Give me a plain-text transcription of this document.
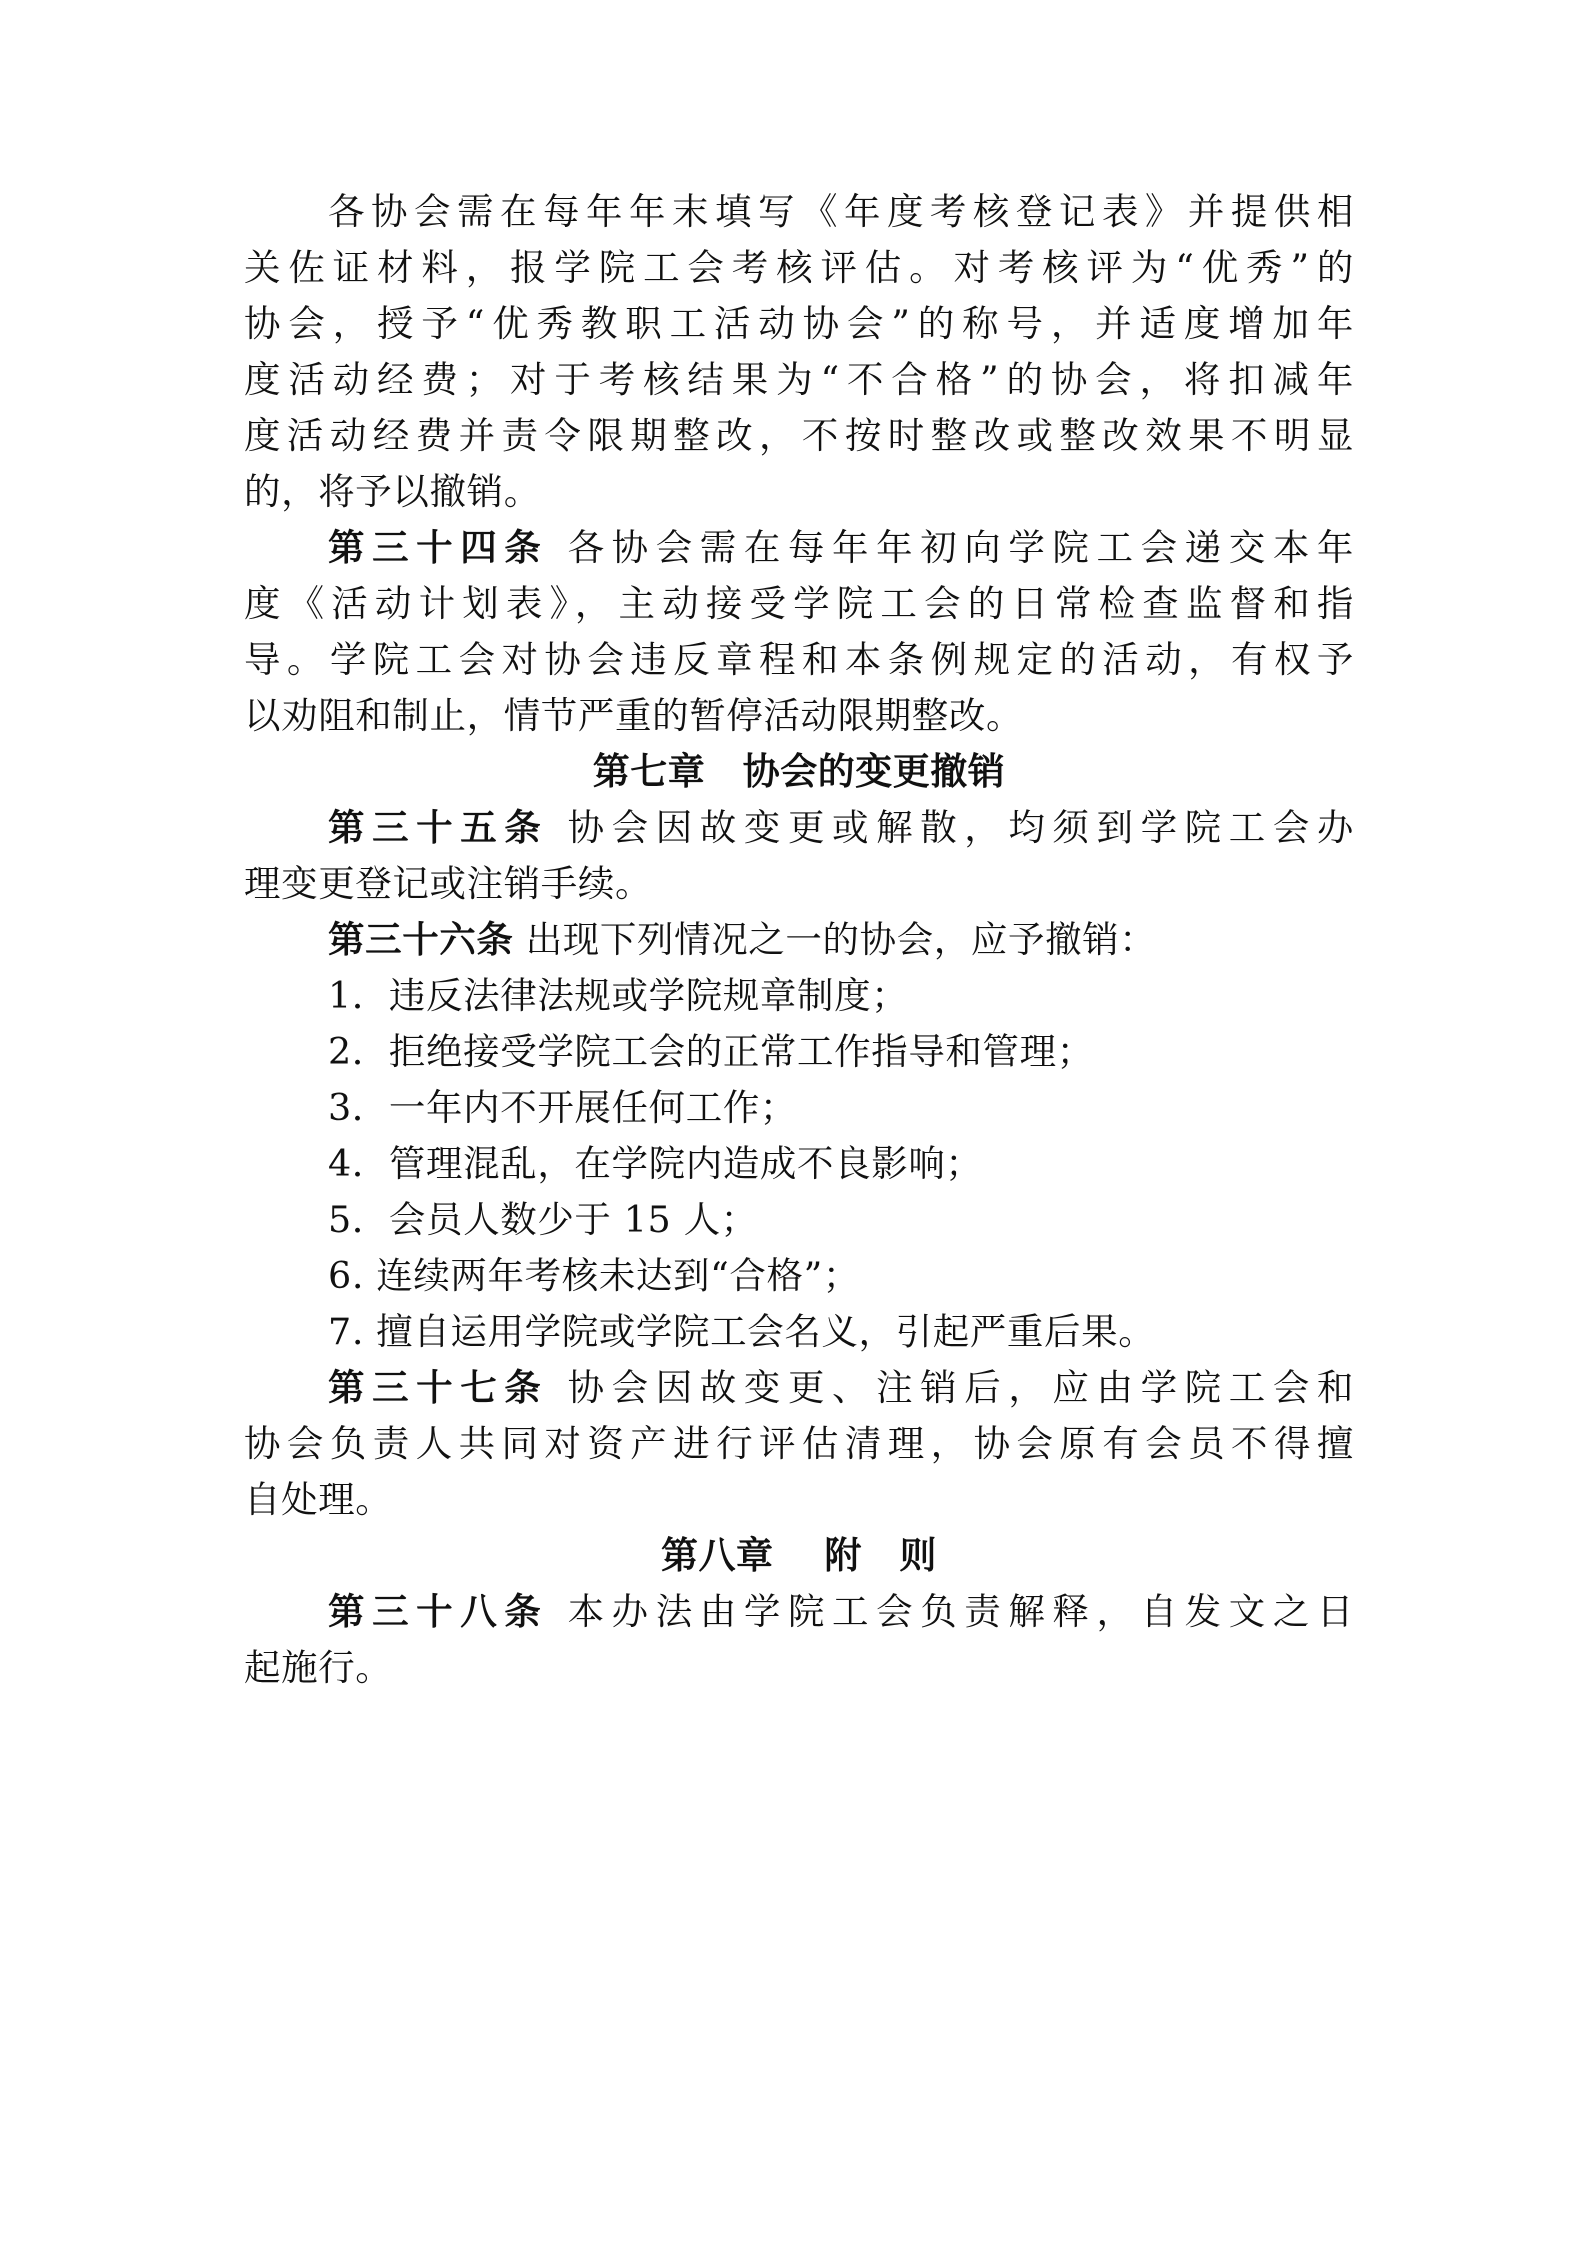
各协会需在每年年末填写《年度考核登记表》并提供相
关佐证材料，报学院工会考核评估。对考核评为“优秀”的
协会，授予“优秀教职工活动协会”的称号，并适度增加年
度活动经费；对于考核结果为“不合格”的协会，将扣减年
度活动经费并责令限期整改，不按时整改或整改效果不明显
的，将予以撤销。
第三十四条 各协会需在每年年初向学院工会递交本年
度《活动计划表》，主动接受学院工会的日常检查监督和指
导。学院工会对协会违反章程和本条例规定的活动，有权予
以劝阻和制止，情节严重的暂停活动限期整改。
第七章　协会的变更撤销
第三十五条 协会因故变更或解散，均须到学院工会办
理变更登记或注销手续。
第三十六条 出现下列情况之一的协会，应予撤销：
1．违反法律法规或学院规章制度；
2．拒绝接受学院工会的正常工作指导和管理；
3．一年内不开展任何工作；
4．管理混乱，在学院内造成不良影响；
5．会员人数少于 15 人；
6. 连续两年考核未达到“合格”；
7. 擅自运用学院或学院工会名义，引起严重后果。
第三十七条 协会因故变更、注销后，应由学院工会和
协会负责人共同对资产进行评估清理，协会原有会员不得擅
自处理。
第八章　 附　则
第三十八条 本办法由学院工会负责解释，自发文之日
起施行。
